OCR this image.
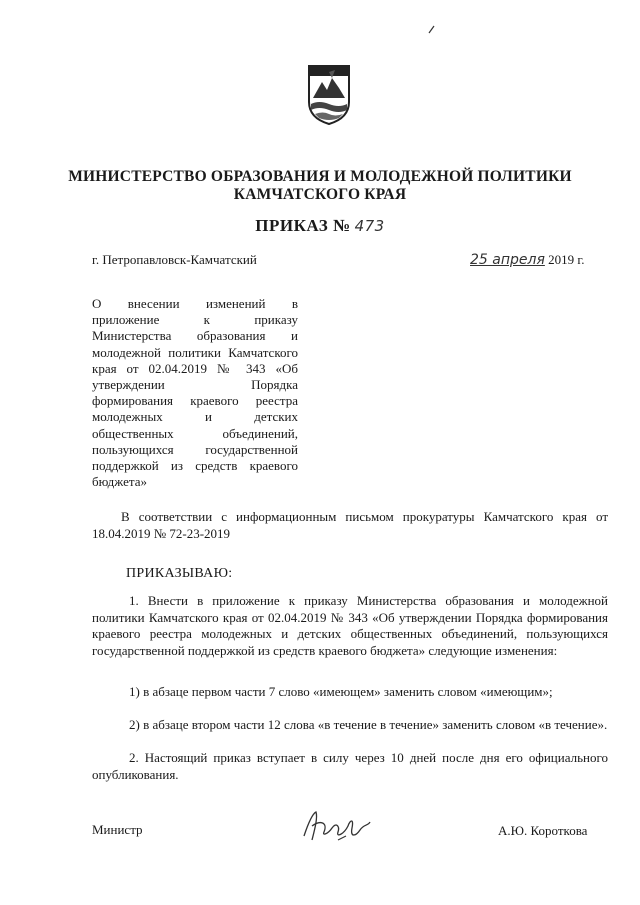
МИНИСТЕРСТВО ОБРАЗОВАНИЯ И МОЛОДЕЖНОЙ ПОЛИТИКИ
КАМЧАТСКОГО КРАЯ
ПРИКАЗ № 473
г. Петропавловск-Камчатский	25 апреля 2019 г.
О внесении изменений в приложение к приказу Министерства образования и молодежной политики Камчатского края от 02.04.2019 № 343 «Об утверждении Порядка формирования краевого реестра молодежных и детских общественных объединений, пользующихся государственной поддержкой из средств краевого бюджета»
В соответствии с информационным письмом прокуратуры Камчатского края от 18.04.2019 № 72-23-2019
ПРИКАЗЫВАЮ:
1. Внести в приложение к приказу Министерства образования и молодежной политики Камчатского края от 02.04.2019 № 343 «Об утверждении Порядка формирования краевого реестра молодежных и детских общественных объединений, пользующихся государственной поддержкой из средств краевого бюджета» следующие изменения:
1) в абзаце первом части 7 слово «имеющем» заменить словом «имеющим»;
2) в абзаце втором части 12 слова «в течение в течение» заменить словом «в течение».
2. Настоящий приказ вступает в силу через 10 дней после дня его официального опубликования.
Министр	А.Ю. Короткова
